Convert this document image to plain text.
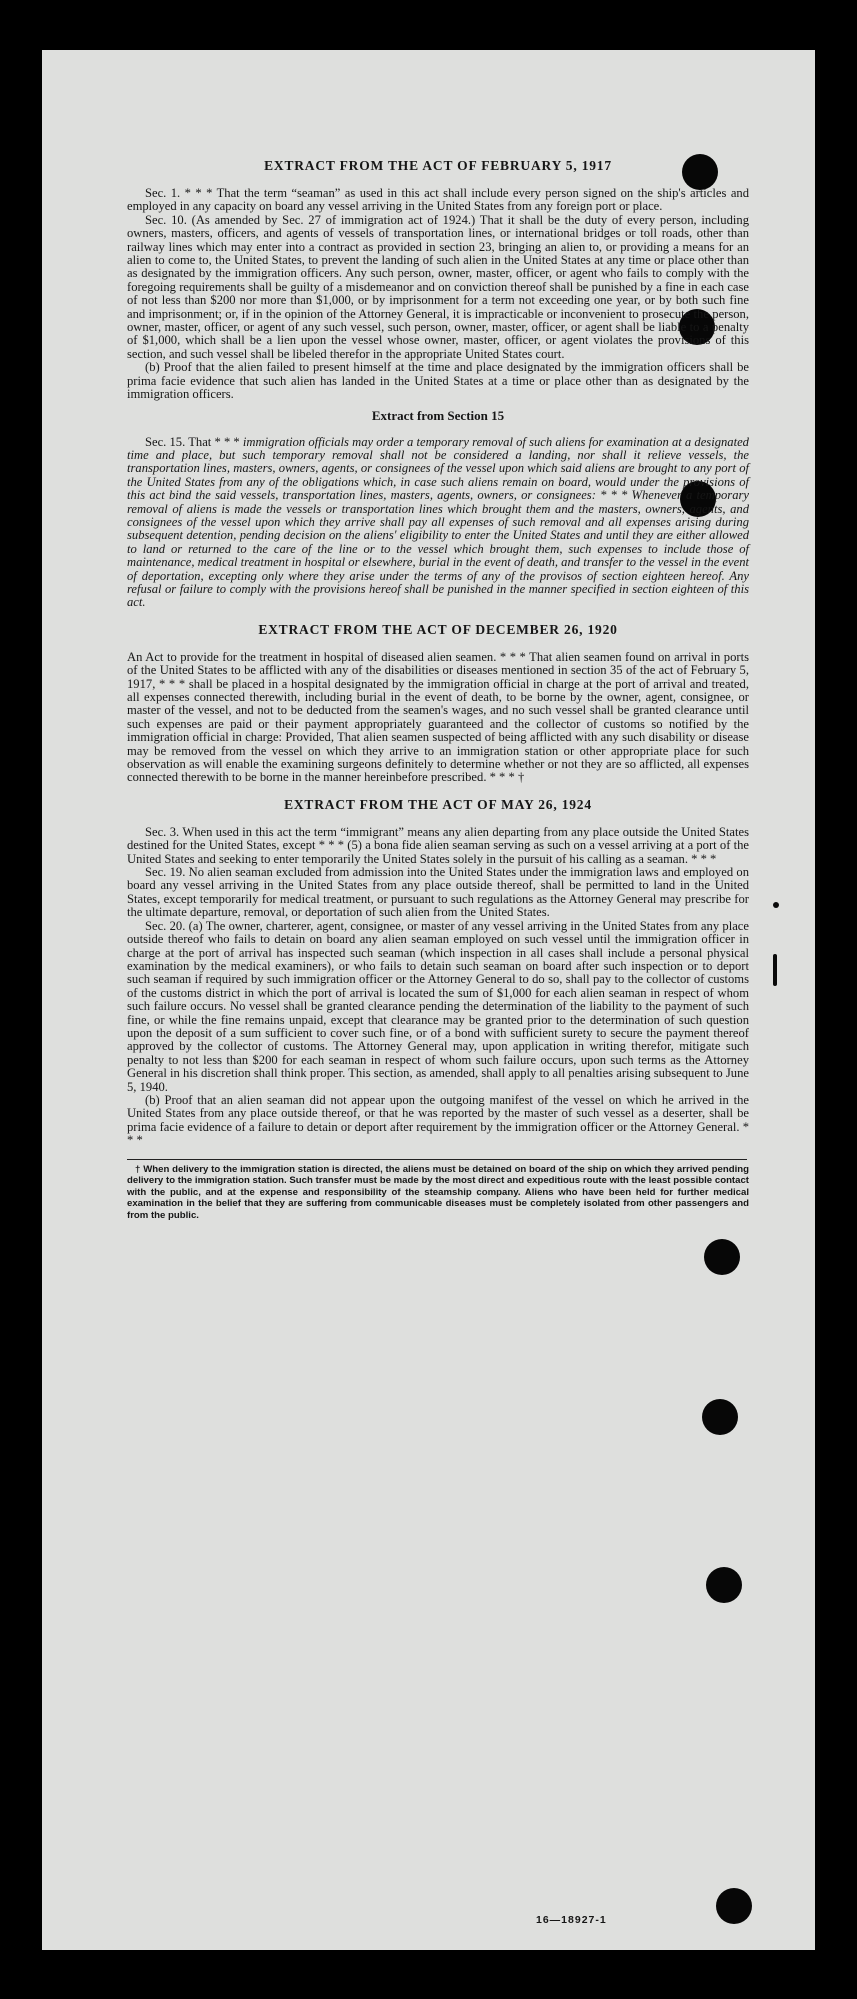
EXTRACT FROM THE ACT OF FEBRUARY 5, 1917

Sec. 1. * * * That the term “seaman” as used in this act shall include every person signed on the ship's articles and employed in any capacity on board any vessel arriving in the United States from any foreign port or place.

Sec. 10. (As amended by Sec. 27 of immigration act of 1924.) That it shall be the duty of every person, including owners, masters, officers, and agents of vessels of transportation lines, or international bridges or toll roads, other than railway lines which may enter into a contract as provided in section 23, bringing an alien to, or providing a means for an alien to come to, the United States, to prevent the landing of such alien in the United States at any time or place other than as designated by the immigration officers. Any such person, owner, master, officer, or agent who fails to comply with the foregoing requirements shall be guilty of a misdemeanor and on conviction thereof shall be punished by a fine in each case of not less than $200 nor more than $1,000, or by imprisonment for a term not exceeding one year, or by both such fine and imprisonment; or, if in the opinion of the Attorney General, it is impracticable or inconvenient to prosecute the person, owner, master, officer, or agent of any such vessel, such person, owner, master, officer, or agent shall be liable to a penalty of $1,000, which shall be a lien upon the vessel whose owner, master, officer, or agent violates the provisions of this section, and such vessel shall be libeled therefor in the appropriate United States court.

(b) Proof that the alien failed to present himself at the time and place designated by the immigration officers shall be prima facie evidence that such alien has landed in the United States at a time or place other than as designated by the immigration officers.

Extract from Section 15

Sec. 15. That * * * immigration officials may order a temporary removal of such aliens for examination at a designated time and place, but such temporary removal shall not be considered a landing, nor shall it relieve vessels, the transportation lines, masters, owners, agents, or consignees of the vessel upon which said aliens are brought to any port of the United States from any of the obligations which, in case such aliens remain on board, would under the provisions of this act bind the said vessels, transportation lines, masters, agents, owners, or consignees: * * * Whenever a temporary removal of aliens is made the vessels or transportation lines which brought them and the masters, owners, agents, and consignees of the vessel upon which they arrive shall pay all expenses of such removal and all expenses arising during subsequent detention, pending decision on the aliens' eligibility to enter the United States and until they are either allowed to land or returned to the care of the line or to the vessel which brought them, such expenses to include those of maintenance, medical treatment in hospital or elsewhere, burial in the event of death, and transfer to the vessel in the event of deportation, excepting only where they arise under the terms of any of the provisos of section eighteen hereof. Any refusal or failure to comply with the provisions hereof shall be punished in the manner specified in section eighteen of this act.

EXTRACT FROM THE ACT OF DECEMBER 26, 1920

An Act to provide for the treatment in hospital of diseased alien seamen. * * * That alien seamen found on arrival in ports of the United States to be afflicted with any of the disabilities or diseases mentioned in section 35 of the act of February 5, 1917, * * * shall be placed in a hospital designated by the immigration official in charge at the port of arrival and treated, all expenses connected therewith, including burial in the event of death, to be borne by the owner, agent, consignee, or master of the vessel, and not to be deducted from the seamen's wages, and no such vessel shall be granted clearance until such expenses are paid or their payment appropriately guaranteed and the collector of customs so notified by the immigration official in charge: Provided, That alien seamen suspected of being afflicted with any such disability or disease may be removed from the vessel on which they arrive to an immigration station or other appropriate place for such observation as will enable the examining surgeons definitely to determine whether or not they are so afflicted, all expenses connected therewith to be borne in the manner hereinbefore prescribed. * * * †

EXTRACT FROM THE ACT OF MAY 26, 1924

Sec. 3. When used in this act the term “immigrant” means any alien departing from any place outside the United States destined for the United States, except * * * (5) a bona fide alien seaman serving as such on a vessel arriving at a port of the United States and seeking to enter temporarily the United States solely in the pursuit of his calling as a seaman. * * *

Sec. 19. No alien seaman excluded from admission into the United States under the immigration laws and employed on board any vessel arriving in the United States from any place outside thereof, shall be permitted to land in the United States, except temporarily for medical treatment, or pursuant to such regulations as the Attorney General may prescribe for the ultimate departure, removal, or deportation of such alien from the United States.

Sec. 20. (a) The owner, charterer, agent, consignee, or master of any vessel arriving in the United States from any place outside thereof who fails to detain on board any alien seaman employed on such vessel until the immigration officer in charge at the port of arrival has inspected such seaman (which inspection in all cases shall include a personal physical examination by the medical examiners), or who fails to detain such seaman on board after such inspection or to deport such seaman if required by such immigration officer or the Attorney General to do so, shall pay to the collector of customs of the customs district in which the port of arrival is located the sum of $1,000 for each alien seaman in respect of whom such failure occurs. No vessel shall be granted clearance pending the determination of the liability to the payment of such fine, or while the fine remains unpaid, except that clearance may be granted prior to the determination of such question upon the deposit of a sum sufficient to cover such fine, or of a bond with sufficient surety to secure the payment thereof approved by the collector of customs. The Attorney General may, upon application in writing therefor, mitigate such penalty to not less than $200 for each seaman in respect of whom such failure occurs, upon such terms as the Attorney General in his discretion shall think proper. This section, as amended, shall apply to all penalties arising subsequent to June 5, 1940.

(b) Proof that an alien seaman did not appear upon the outgoing manifest of the vessel on which he arrived in the United States from any place outside thereof, or that he was reported by the master of such vessel as a deserter, shall be prima facie evidence of a failure to detain or deport after requirement by the immigration officer or the Attorney General. * * *

† When delivery to the immigration station is directed, the aliens must be detained on board of the ship on which they arrived pending delivery to the immigration station. Such transfer must be made by the most direct and expeditious route with the least possible contact with the public, and at the expense and responsibility of the steamship company. Aliens who have been held for further medical examination in the belief that they are suffering from communicable diseases must be completely isolated from other passengers and from the public.

16—18927-1
